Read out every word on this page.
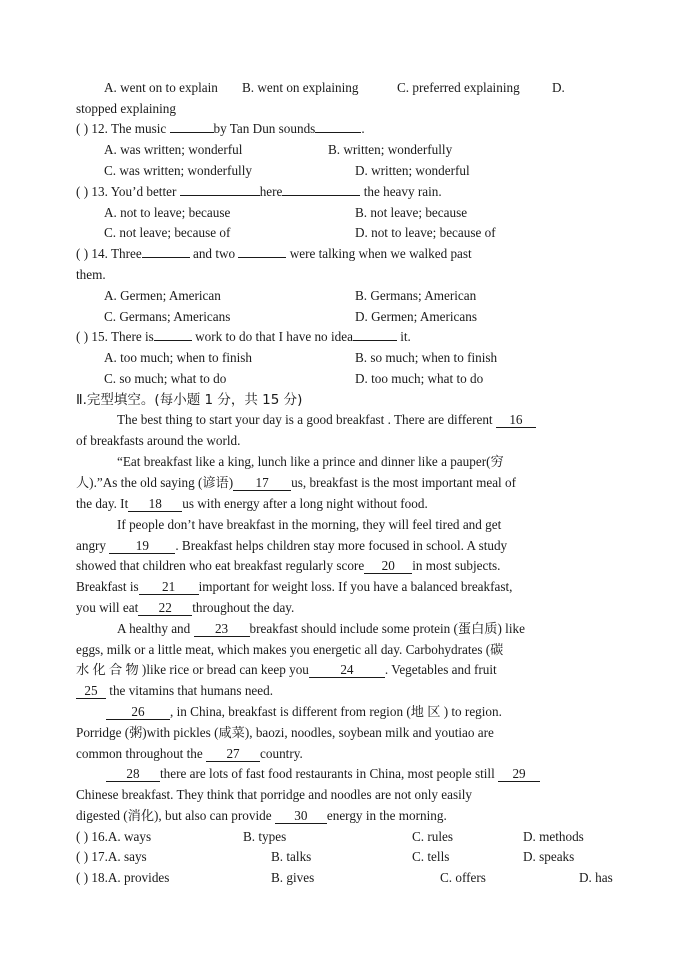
A. went on to explain B. went on explaining	C. preferred explaining D.
stopped explaining
( ) 12. The music	by Tan Dun sounds	.
A. was written; wonderful	B. written; wonderfully
C. was written; wonderfully	D. written; wonderful
( ) 13. You’d better	here	the heavy rain.
A. not to leave; because	B. not leave; because
C. not leave; because of	D. not to leave; because of
( ) 14. Three	and two	were talking when we walked past
them.
A. Germen; American	B. Germans; American
C. Germans; Americans	D. Germen; Americans
( ) 15. There is	work to do that I have no idea	it.
A. too much; when to finish	B. so much; when to finish
C. so much; what to do	D. too much; what to do
Ⅱ.完型填空。(每小题 1 分，共 15 分)
The best thing to start your day is a good breakfast . There are different 16
of breakfasts around the world.
“Eat breakfast like a king, lunch like a prince and dinner like a pauper(穷
人).”As the old saying (谚语) 17 us, breakfast is the most important meal of
the day. It 18 us with energy after a long night without food.
If people don’t have breakfast in the morning, they will feel tired and get
angry 19 . Breakfast helps children stay more focused in school. A study
showed that children who eat breakfast regularly score 20 in most subjects.
Breakfast is 21 important for weight loss. If you have a balanced breakfast,
you will eat 22 throughout the day.
A healthy and 23 breakfast should include some protein (蛋白质) like
eggs, milk or a little meat, which makes you energetic all day. Carbohydrates (碳
水 化 合 物 )like rice or bread can keep you 24 . Vegetables and fruit
25 the vitamins that humans need.
26 , in China, breakfast is different from region (地 区 ) to region.
Porridge (粥)with pickles (咸菜), baozi, noodles, soybean milk and youtiao are
common throughout the 27 country.
28 there are lots of fast food restaurants in China, most people still 29
Chinese breakfast. They think that porridge and noodles are not only easily
digested (消化), but also can provide 30 energy in the morning.
( ) 16.A. ways	B. types	C. rules	D. methods
( ) 17.A. says	B. talks	C. tells	D. speaks
( ) 18.A. provides	B. gives	C. offers	D. has
